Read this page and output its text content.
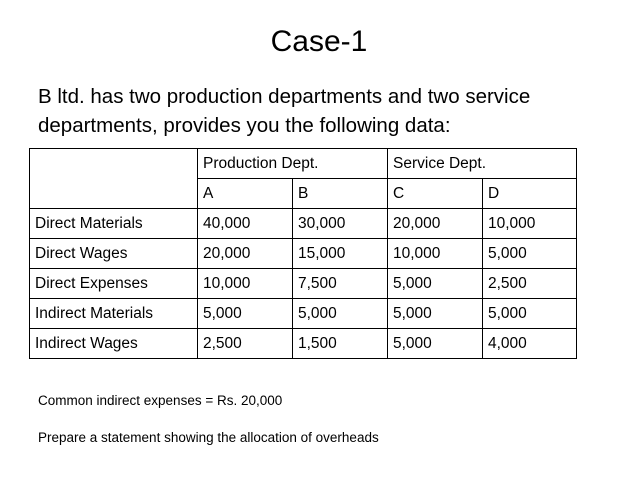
Case-1
B ltd. has two production departments and two service
departments, provides you the following data:
	Production Dept.		Service Dept.	
	A	B	C	D
Direct Materials	40,000	30,000	20,000	10,000
Direct Wages	20,000	15,000	10,000	5,000
Direct Expenses	10,000	7,500	5,000	2,500
Indirect Materials	5,000	5,000	5,000	5,000
Indirect Wages	2,500	1,500	5,000	4,000
Common indirect expenses = Rs. 20,000
Prepare a statement showing the allocation of overheads
